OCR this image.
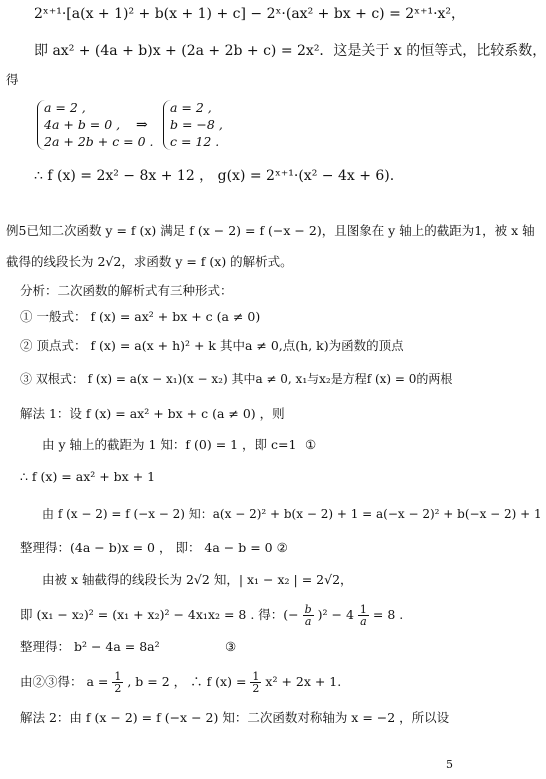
2ˣ⁺¹·[a(x + 1)² + b(x + 1) + c] − 2ˣ·(ax² + bx + c) = 2ˣ⁺¹·x²，
即 ax² + (4a + b)x + (2a + 2b + c) = 2x²．这是关于 x 的恒等式，比较系数，
得
a = 2 ,
4a + b = 0 ,
2a + 2b + c = 0 .
⇒
a = 2 ,
b = −8 ,
c = 12 .
∴ f (x) = 2x² − 8x + 12 ， g(x) = 2ˣ⁺¹·(x² − 4x + 6).
例5已知二次函数 y = f (x) 满足 f (x − 2) = f (−x − 2)，且图象在 y 轴上的截距为1，被 x 轴
截得的线段长为 2√2，求函数 y = f (x) 的解析式。
分析：二次函数的解析式有三种形式：
① 一般式： f (x) = ax² + bx + c (a ≠ 0)
② 顶点式： f (x) = a(x + h)² + k 其中a ≠ 0,点(h, k)为函数的顶点
③ 双根式： f (x) = a(x − x₁)(x − x₂) 其中a ≠ 0, x₁与x₂是方程f (x) = 0的两根
解法 1：设 f (x) = ax² + bx + c (a ≠ 0) ，则
由 y 轴上的截距为 1 知：f (0) = 1 ，即 c=1 ①
∴ f (x) = ax² + bx + 1
由 f (x − 2) = f (−x − 2) 知：a(x − 2)² + b(x − 2) + 1 = a(−x − 2)² + b(−x − 2) + 1
整理得：(4a − b)x = 0 ， 即： 4a − b = 0 ②
由被 x 轴截得的线段长为 2√2 知，| x₁ − x₂ | = 2√2，
即 (x₁ − x₂)² = (x₁ + x₂)² − 4x₁x₂ = 8 . 得：(− $\frac{b}{a} )^2 - 4 \frac{1}{a} = 8$ .
整理得： b² − 4a = 8a²	③
由②③得： $a = \frac{1}{2}$ , b = 2 ， ∴ f $(x) = \frac{1}{2} x^2 + 2x + 1$.
解法 2：由 f (x − 2) = f (−x − 2) 知：二次函数对称轴为 x = −2 ，所以设
5
